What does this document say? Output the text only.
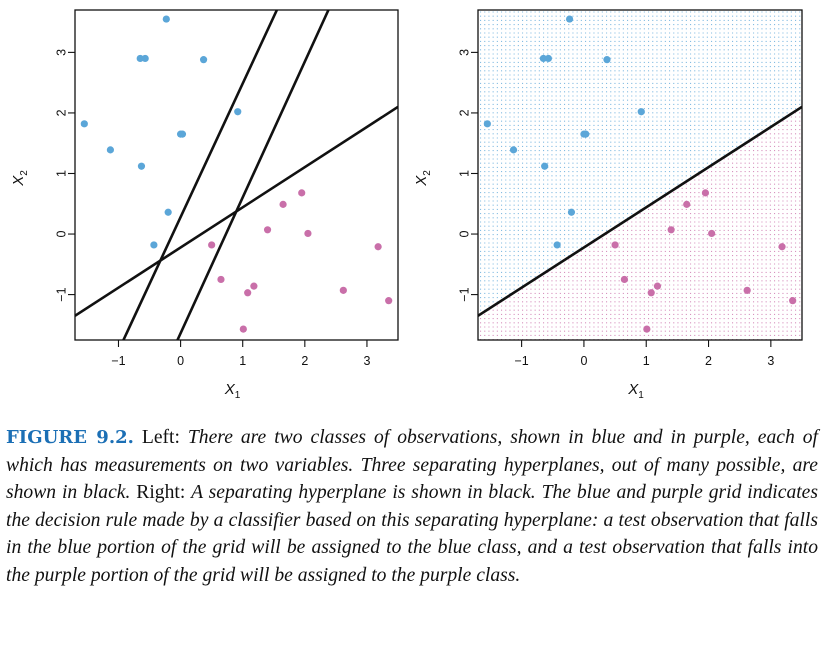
−1	0	1	2	3
−1
0
1
2
3
$X_1$
$X_2$
−1	0	1	2	3
−1
0
1
2
3
$X_1$
$X_2$
FIGURE 9.2. Left: There are two classes of observations, shown in blue and in purple, each of which has measurements on two variables. Three separating hyperplanes, out of many possible, are shown in black. Right: A separating hyperplane is shown in black. The blue and purple grid indicates the decision rule made by a classifier based on this separating hyperplane: a test observation that falls in the blue portion of the grid will be assigned to the blue class, and a test observation that falls into the purple portion of the grid will be assigned to the purple class.
